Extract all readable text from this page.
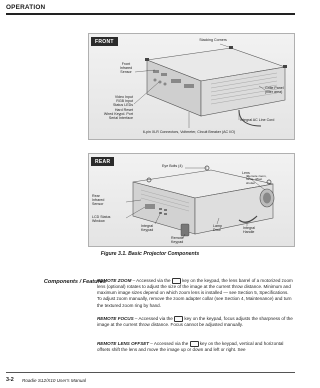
OPERATION
FRONT	Stacking Corners
Front
Infrared
Sensor
Video Input
RGB Input
Status LEDs
Hard Reset
Wired Keypd. Port
Serial Interface
Grille Panel
(filter area)
Integral AC Line Cord
6-pin XLR Connectors, Voltmeter, Circuit Breaker (AC I/O)
REAR
Eye Bolts (4)
Lens
(Remote zoom,
focus, offset
shutter
Rear
Infrared
Sensor
LCD Status
Window
Integral
Keypad
Remote
Keypad
Lamp
Door
Integral
Handle
Figure 3.1. Basic Projector Components
Components / Features
REMOTE ZOOM – Accessed via the  key on the keypad, the lens barrel of a motorized zoom lens (optional) rotates to adjust the size of the image at the current throw distance. Minimum and maximum image sizes depend on which zoom lens is installed — see Section 5, Specifications. To adjust zoom manually, remove the zoom adapter collar (see Section 4, Maintenance) and turn the textured zoom ring by hand.
REMOTE FOCUS – Accessed via the  key on the keypad, focus adjusts the sharpness of the image at the current throw distance. Focus cannot be adjusted manually.
REMOTE LENS OFFSET – Accessed via the  key on the keypad, vertical and horizontal offsets shift the lens and move the image up or down and left or right. See
3-2 Roadie S12/X10 User's Manual
